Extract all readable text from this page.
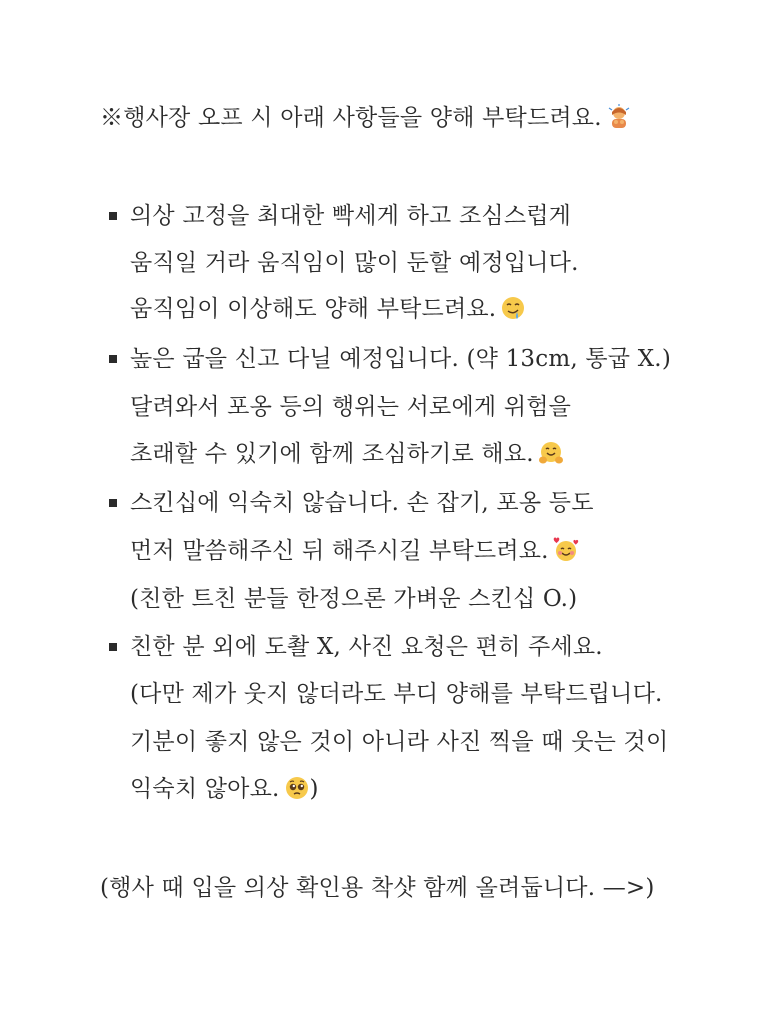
※행사장 오프 시 아래 사항들을 양해 부탁드려요.
의상 고정을 최대한 빡세게 하고 조심스럽게
움직일 거라 움직임이 많이 둔할 예정입니다.
움직임이 이상해도 양해 부탁드려요.
높은 굽을 신고 다닐 예정입니다. (약 13cm, 통굽 X.)
달려와서 포옹 등의 행위는 서로에게 위험을
초래할 수 있기에 함께 조심하기로 해요.
스킨십에 익숙치 않습니다. 손 잡기, 포옹 등도
먼저 말씀해주신 뒤 해주시길 부탁드려요.
(친한 트친 분들 한정으론 가벼운 스킨십 O.)
친한 분 외에 도촬 X, 사진 요청은 편히 주세요.
(다만 제가 웃지 않더라도 부디 양해를 부탁드립니다.
기분이 좋지 않은 것이 아니라 사진 찍을 때 웃는 것이
익숙치 않아요. )
(행사 때 입을 의상 확인용 착샷 함께 올려둡니다. —>)
